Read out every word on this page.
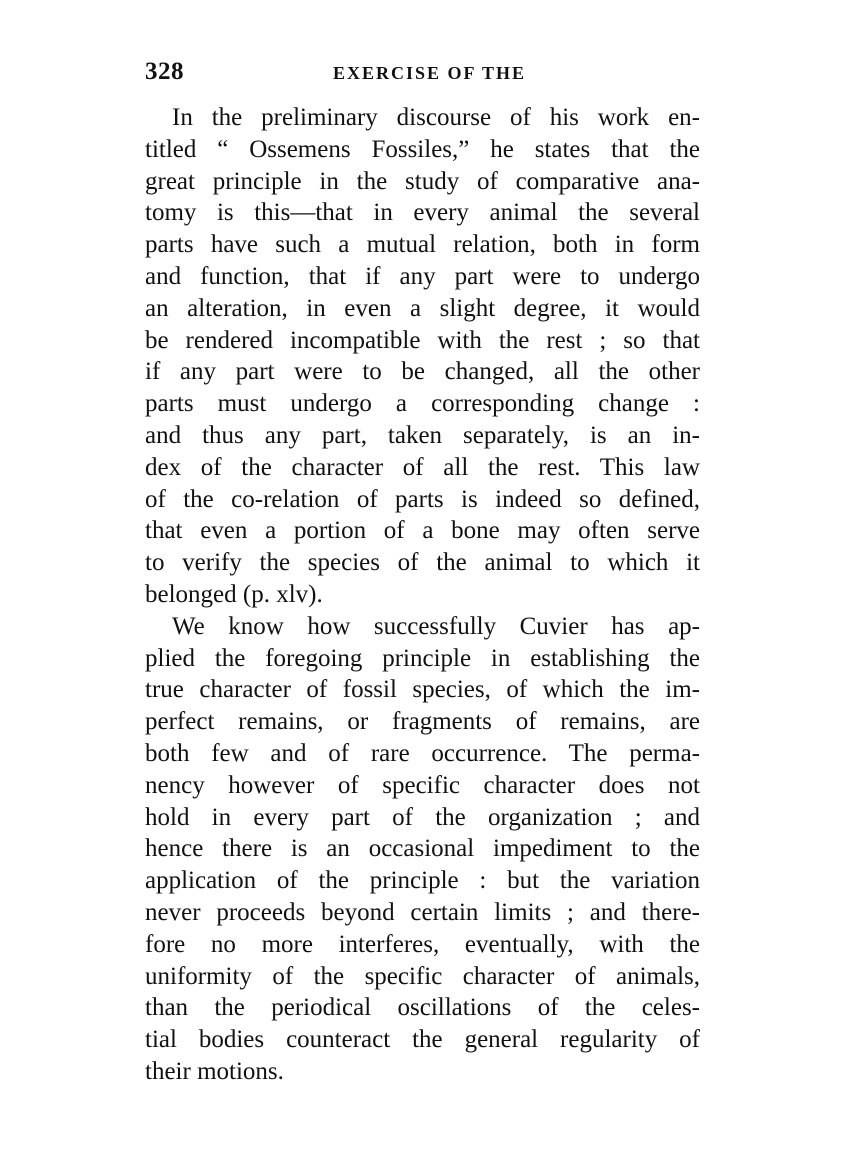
328	EXERCISE OF THE
In the preliminary discourse of his work en-
titled “ Ossemens Fossiles,” he states that the
great principle in the study of comparative ana-
tomy is this—that in every animal the several
parts have such a mutual relation, both in form
and function, that if any part were to undergo
an alteration, in even a slight degree, it would
be rendered incompatible with the rest ; so that
if any part were to be changed, all the other
parts must undergo a corresponding change :
and thus any part, taken separately, is an in-
dex of the character of all the rest. This law
of the co-relation of parts is indeed so defined,
that even a portion of a bone may often serve
to verify the species of the animal to which it
belonged (p. xlv).
We know how successfully Cuvier has ap-
plied the foregoing principle in establishing the
true character of fossil species, of which the im-
perfect remains, or fragments of remains, are
both few and of rare occurrence. The perma-
nency however of specific character does not
hold in every part of the organization ; and
hence there is an occasional impediment to the
application of the principle : but the variation
never proceeds beyond certain limits ; and there-
fore no more interferes, eventually, with the
uniformity of the specific character of animals,
than the periodical oscillations of the celes-
tial bodies counteract the general regularity of
their motions.
